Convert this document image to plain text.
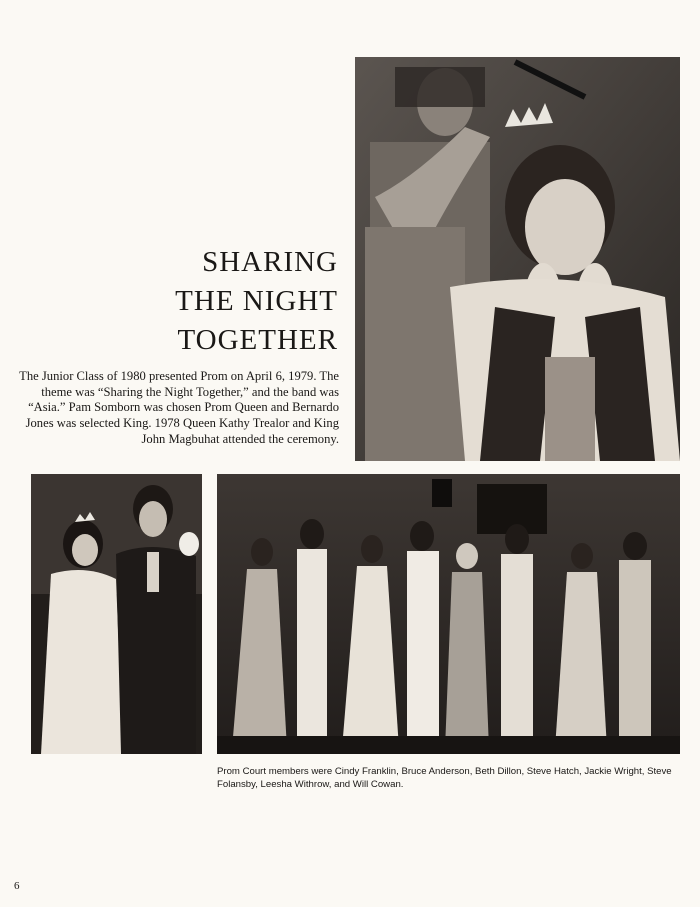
SHARING
THE NIGHT
TOGETHER
The Junior Class of 1980 presented Prom on April 6, 1979. The theme was “Sharing the Night Together,” and the band was “Asia.” Pam Somborn was chosen Prom Queen and Bernardo Jones was selected King. 1978 Queen Kathy Trealor and King John Magbuhat attended the ceremony.
Prom Court members were Cindy Franklin, Bruce Anderson, Beth Dillon, Steve Hatch, Jackie Wright, Steve Folansby, Leesha Withrow, and Will Cowan.
6
